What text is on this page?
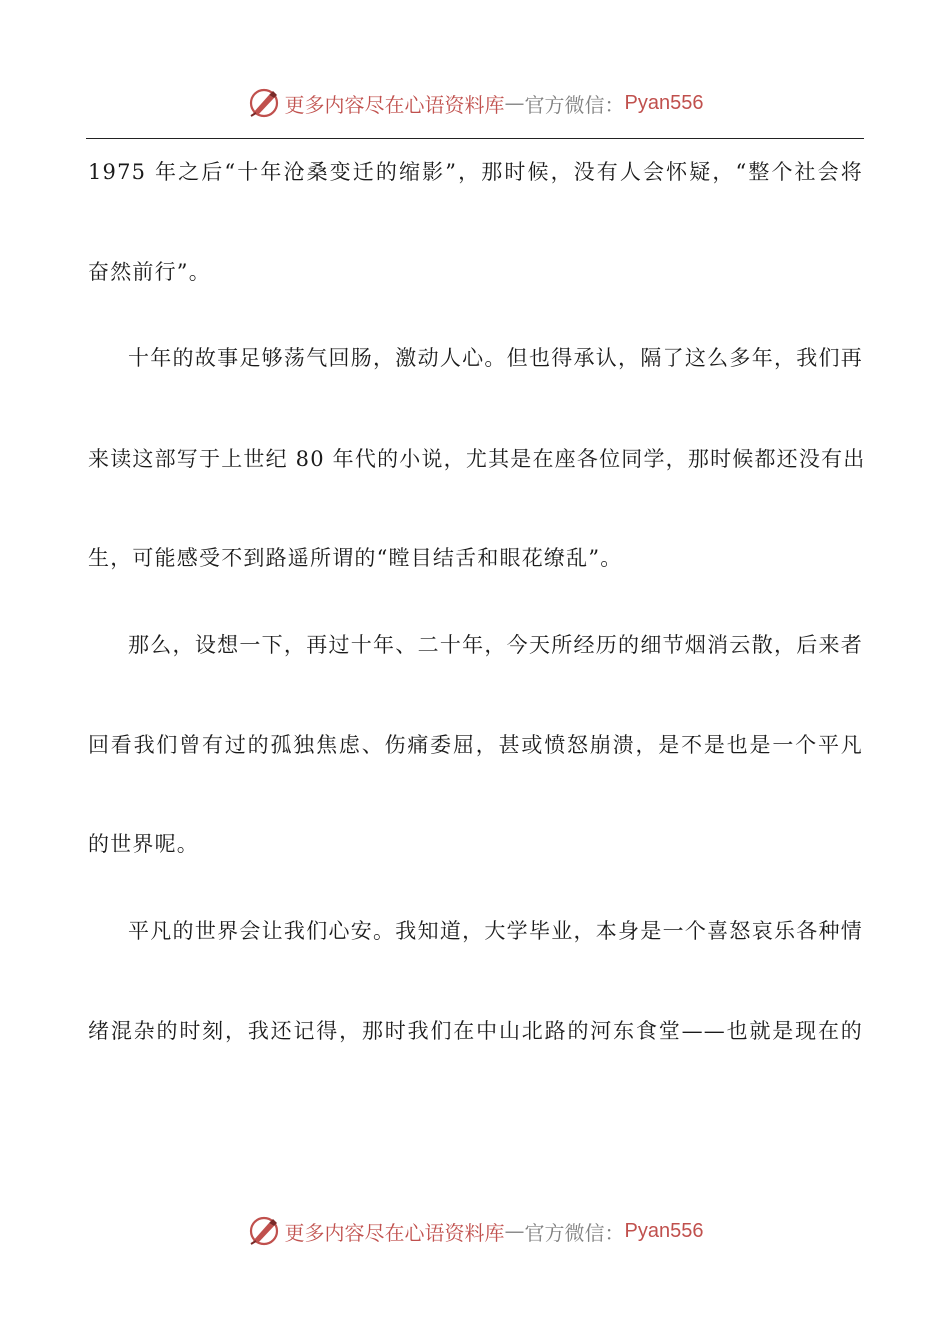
更多内容尽在心语资料库 — 官方微信： Pyan556
1975 年之后“十年沧桑变迁的缩影”，那时候，没有人会怀疑，“整个社会将
奋然前行”。
十年的故事足够荡气回肠，激动人心。但也得承认，隔了这么多年，我们再
来读这部写于上世纪 80 年代的小说，尤其是在座各位同学，那时候都还没有出
生，可能感受不到路遥所谓的“瞠目结舌和眼花缭乱”。
那么，设想一下，再过十年、二十年，今天所经历的细节烟消云散，后来者
回看我们曾有过的孤独焦虑、伤痛委屈，甚或愤怒崩溃，是不是也是一个平凡
的世界呢。
平凡的世界会让我们心安。我知道，大学毕业，本身是一个喜怒哀乐各种情
绪混杂的时刻，我还记得，那时我们在中山北路的河东食堂——也就是现在的
更多内容尽在心语资料库 — 官方微信： Pyan556
